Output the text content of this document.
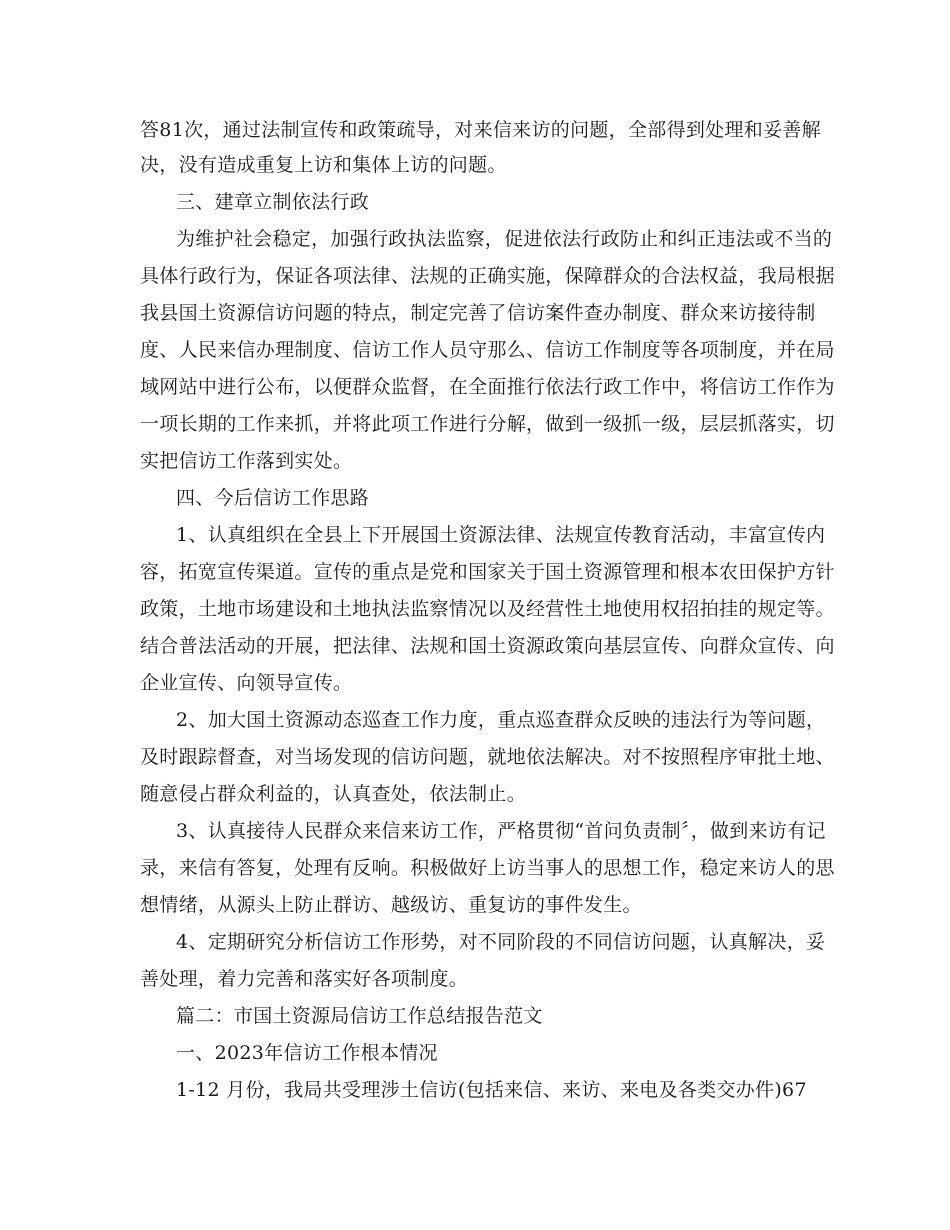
答81次，通过法制宣传和政策疏导，对来信来访的问题，全部得到处理和妥善解
决，没有造成重复上访和集体上访的问题。
三、建章立制依法行政
为维护社会稳定，加强行政执法监察，促进依法行政防止和纠正违法或不当的
具体行政行为，保证各项法律、法规的正确实施，保障群众的合法权益，我局根据
我县国土资源信访问题的特点，制定完善了信访案件查办制度、群众来访接待制
度、人民来信办理制度、信访工作人员守那么、信访工作制度等各项制度，并在局
域网站中进行公布，以便群众监督，在全面推行依法行政工作中，将信访工作作为
一项长期的工作来抓，并将此项工作进行分解，做到一级抓一级，层层抓落实，切
实把信访工作落到实处。
四、今后信访工作思路
1、认真组织在全县上下开展国土资源法律、法规宣传教育活动，丰富宣传内
容，拓宽宣传渠道。宣传的重点是党和国家关于国土资源管理和根本农田保护方针
政策，土地市场建设和土地执法监察情况以及经营性土地使用权招拍挂的规定等。
结合普法活动的开展，把法律、法规和国土资源政策向基层宣传、向群众宣传、向
企业宣传、向领导宣传。
2、加大国土资源动态巡查工作力度，重点巡查群众反映的违法行为等问题，
及时跟踪督查，对当场发现的信访问题，就地依法解决。对不按照程序审批土地、
随意侵占群众利益的，认真查处，依法制止。
3、认真接待人民群众来信来访工作，严格贯彻“首问负责制〞，做到来访有记
录，来信有答复，处理有反响。积极做好上访当事人的思想工作，稳定来访人的思
想情绪，从源头上防止群访、越级访、重复访的事件发生。
4、定期研究分析信访工作形势，对不同阶段的不同信访问题，认真解决，妥
善处理，着力完善和落实好各项制度。
篇二：市国土资源局信访工作总结报告范文
一、2023年信访工作根本情况
1-12 月份，我局共受理涉土信访(包括来信、来访、来电及各类交办件)67
